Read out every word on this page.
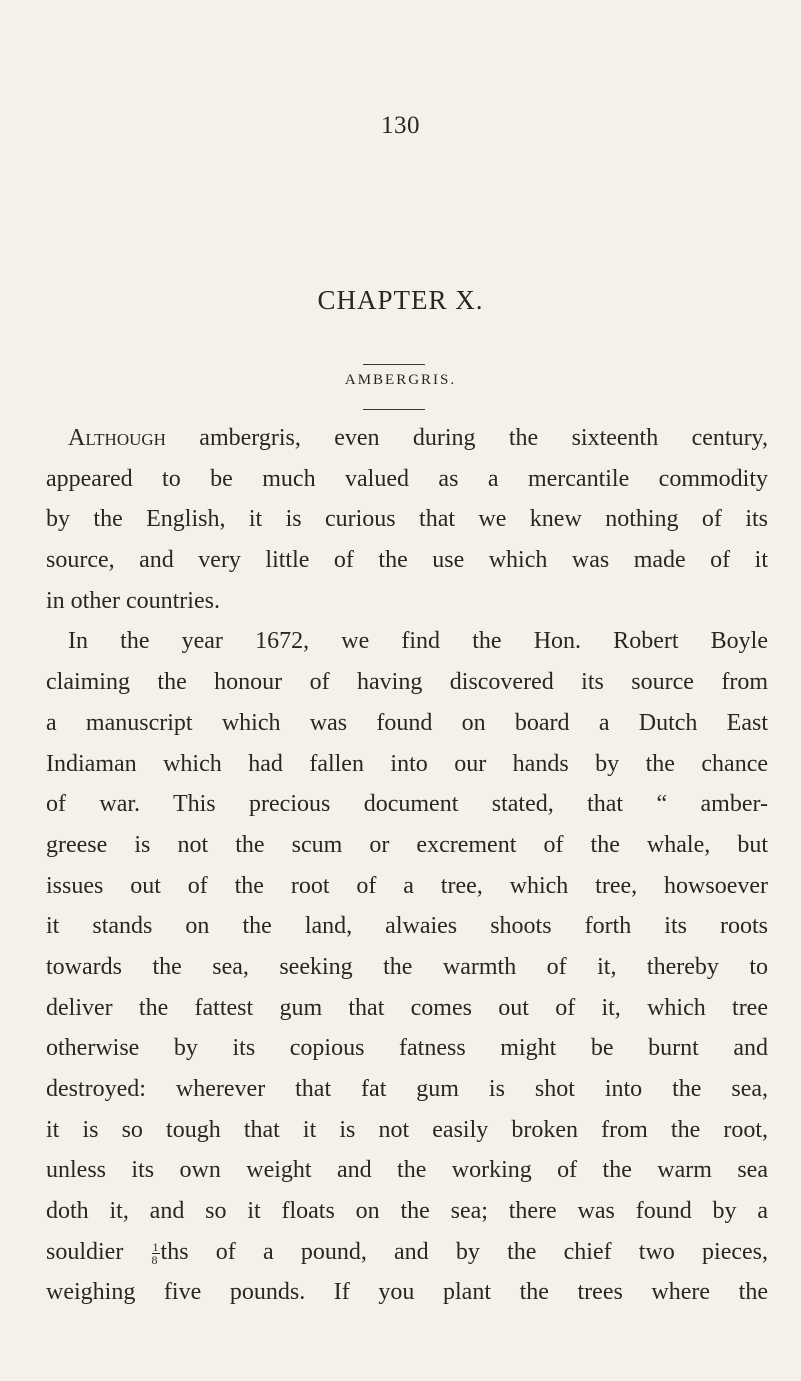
130
CHAPTER X.
AMBERGRIS.
Although ambergris, even during the sixteenth century,
appeared to be much valued as a mercantile commodity
by the English, it is curious that we knew nothing of its
source, and very little of the use which was made of it
in other countries.
In the year 1672, we find the Hon. Robert Boyle
claiming the honour of having discovered its source from
a manuscript which was found on board a Dutch East
Indiaman which had fallen into our hands by the chance
of war. This precious document stated, that “ amber-
greese is not the scum or excrement of the whale, but
issues out of the root of a tree, which tree, howsoever
it stands on the land, alwaies shoots forth its roots
towards the sea, seeking the warmth of it, thereby to
deliver the fattest gum that comes out of it, which tree
otherwise by its copious fatness might be burnt and
destroyed: wherever that fat gum is shot into the sea,
it is so tough that it is not easily broken from the root,
unless its own weight and the working of the warm sea
doth it, and so it floats on the sea; there was found by a
souldier $\frac{1}{8}$ ths of a pound, and by the chief two pieces,
weighing five pounds. If you plant the trees where the
